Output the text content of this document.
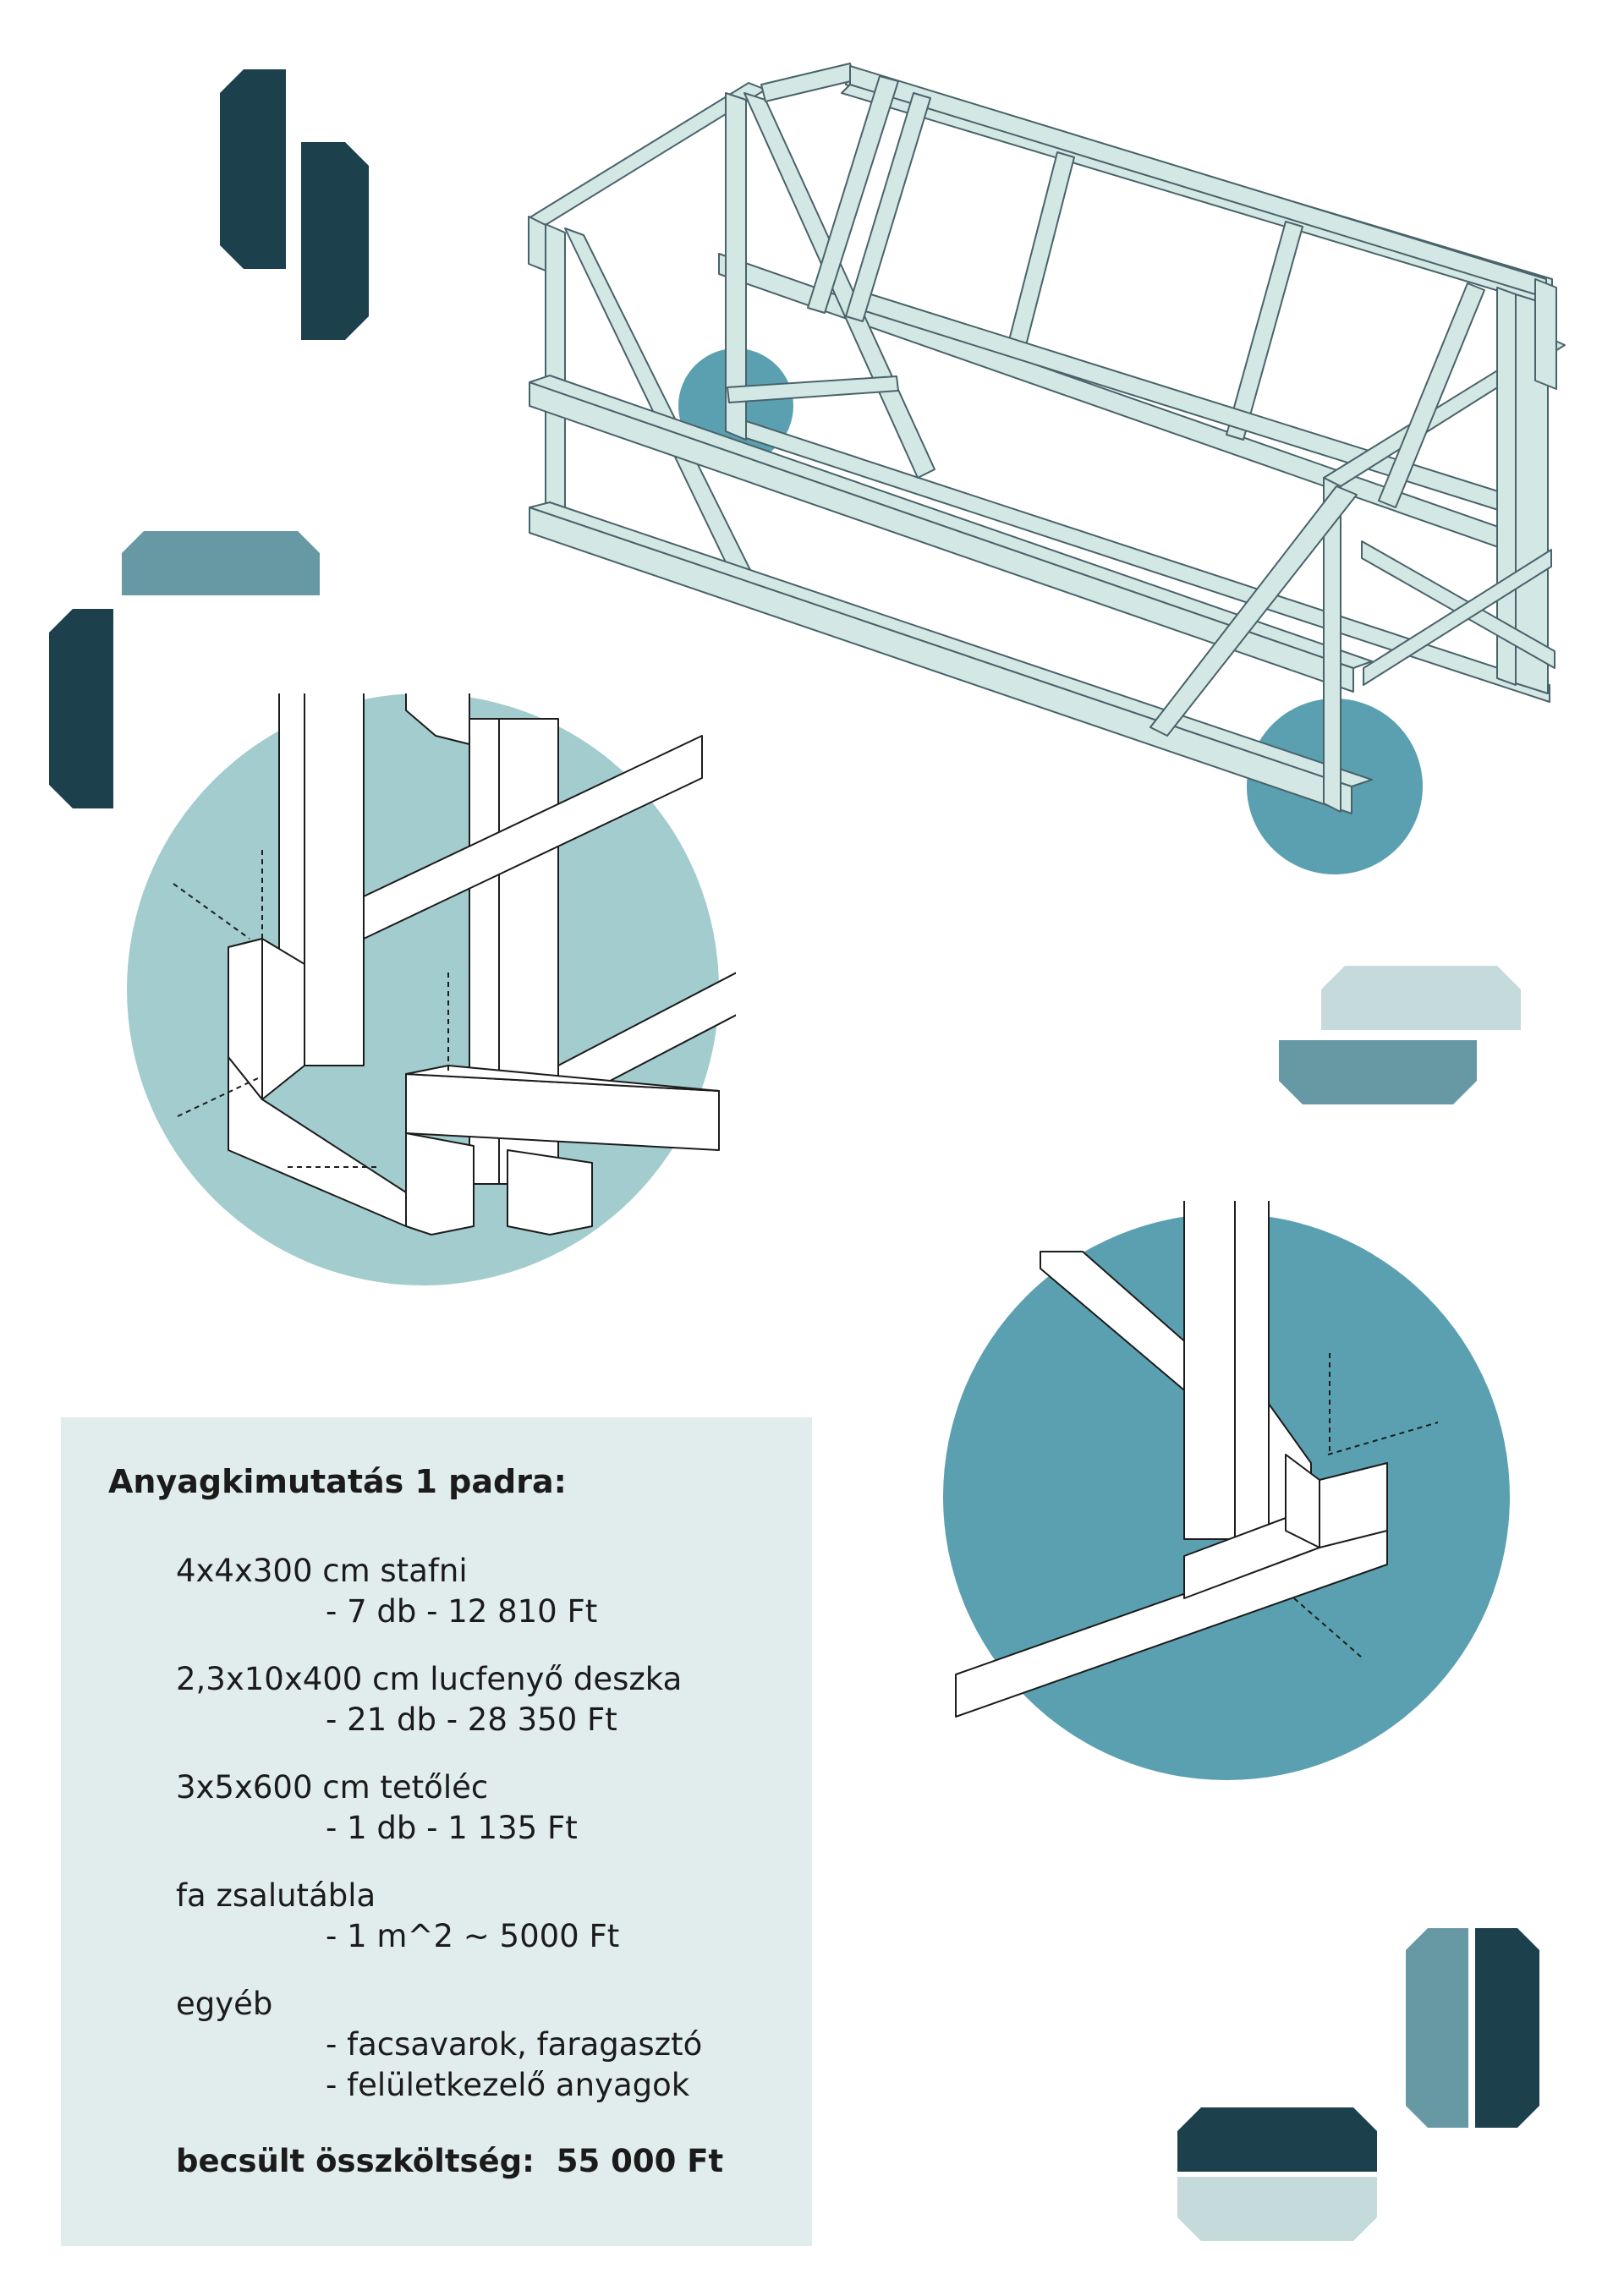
Anyagkimutatás 1 padra:
4x4x300 cm stafni
- 7 db - 12 810 Ft
2,3x10x400 cm lucfenyő deszka
- 21 db - 28 350 Ft
3x5x600 cm tetőléc
- 1 db - 1 135 Ft
fa zsalutábla
- 1 m^2 ~ 5000 Ft
egyéb
- facsavarok, faragasztó
- felületkezelő anyagok
becsült összköltség: 55 000 Ft
